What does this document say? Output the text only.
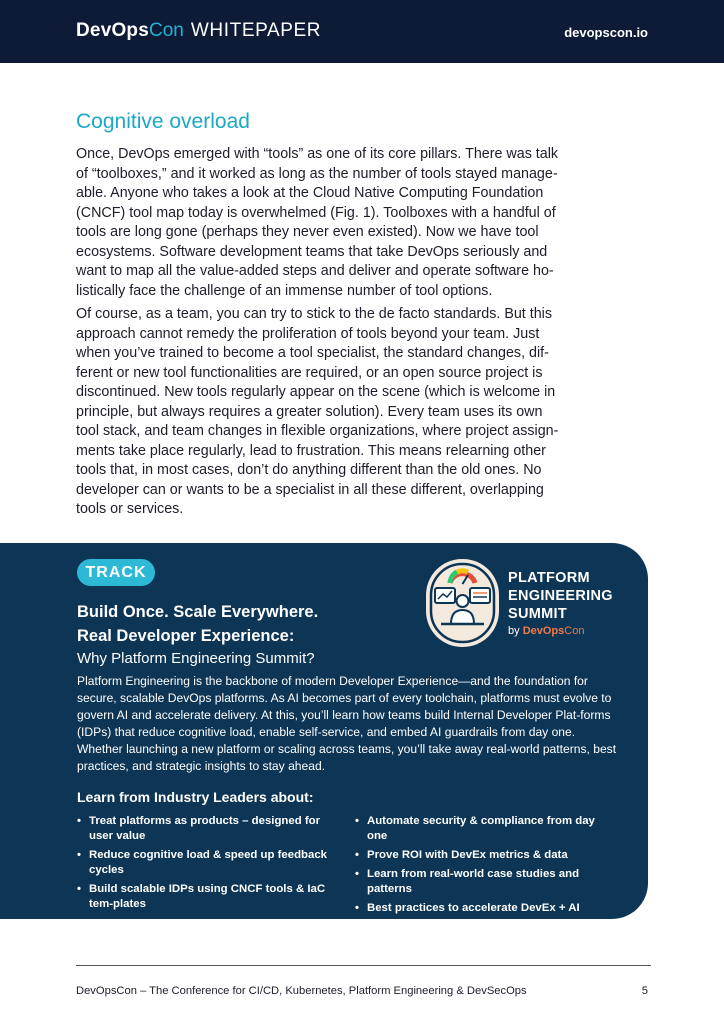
DevOps Con WHITEPAPER	devopscon.io
Cognitive overload

Once, DevOps emerged with “tools” as one of its core pillars. There was talk of “toolboxes,” and it worked as long as the number of tools stayed manage-able. Anyone who takes a look at the Cloud Native Computing Foundation (CNCF) tool map today is overwhelmed (Fig. 1). Toolboxes with a handful of tools are long gone (perhaps they never even existed). Now we have tool ecosystems. Software development teams that take DevOps seriously and want to map all the value-added steps and deliver and operate software ho-listically face the challenge of an immense number of tool options.

Of course, as a team, you can try to stick to the de facto standards. But this approach cannot remedy the proliferation of tools beyond your team. Just when you’ve trained to become a tool specialist, the standard changes, dif-ferent or new tool functionalities are required, or an open source project is discontinued. New tools regularly appear on the scene (which is welcome in principle, but always requires a greater solution). Every team uses its own tool stack, and team changes in flexible organizations, where project assign-ments take place regularly, lead to frustration. This means relearning other tools that, in most cases, don’t do anything different than the old ones. No developer can or wants to be a specialist in all these different, overlapping tools or services.

TRACK
Build Once. Scale Everywhere.
Real Developer Experience:
Why Platform Engineering Summit?

Platform Engineering is the backbone of modern Developer Experience—and the foundation for secure, scalable DevOps platforms. As AI becomes part of every toolchain, platforms must evolve to govern AI and accelerate delivery. At this, you’ll learn how teams build Internal Developer Plat-forms (IDPs) that reduce cognitive load, enable self-service, and embed AI guardrails from day one. Whether launching a new platform or scaling across teams, you’ll take away real-world patterns, best practices, and strategic insights to stay ahead.

Learn from Industry Leaders about:
• Treat platforms as products – designed for user value
• Reduce cognitive load & speed up feedback cycles
• Build scalable IDPs using CNCF tools & IaC tem-plates
• Automate security & compliance from day one
• Prove ROI with DevEx metrics & data
• Learn from real-world case studies and patterns
• Best practices to accelerate DevEx + AI govern-ance
PLATFORM
ENGINEERING
SUMMIT
by DevOpsCon
DevOpsCon – The Conference for CI/CD, Kubernetes, Platform Engineering & DevSecOps	5
